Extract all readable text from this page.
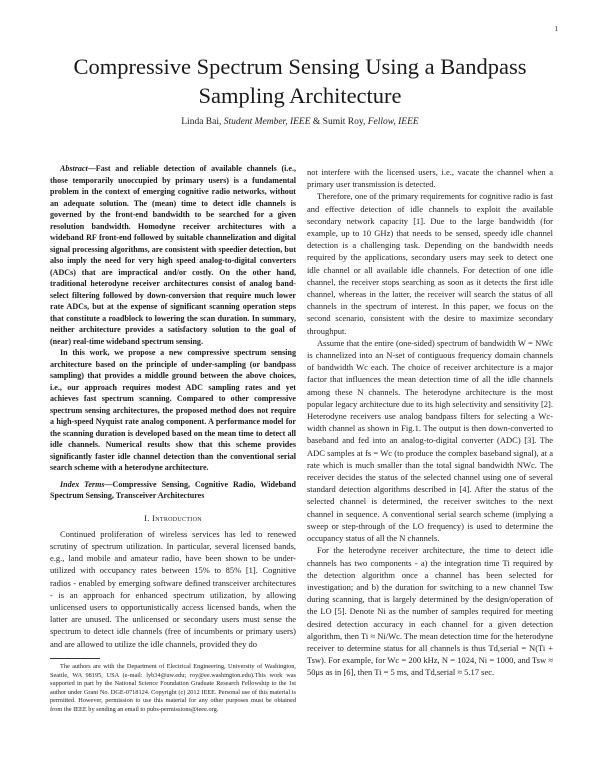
1
Compressive Spectrum Sensing Using a Bandpass Sampling Architecture
Linda Bai, Student Member, IEEE & Sumit Roy, Fellow, IEEE

Abstract—Fast and reliable detection of available channels (i.e., those temporarily unoccupied by primary users) is a fundamental problem in the context of emerging cognitive radio networks, without an adequate solution. The (mean) time to detect idle channels is governed by the front-end bandwidth to be searched for a given resolution bandwidth. Homodyne receiver architectures with a wideband RF front-end followed by suitable channelization and digital signal processing algorithms, are consistent with speedier detection, but also imply the need for very high speed analog-to-digital converters (ADCs) that are impractical and/or costly. On the other hand, traditional heterodyne receiver architectures consist of analog band-select filtering followed by down-conversion that require much lower rate ADCs, but at the expense of significant scanning operation steps that constitute a roadblock to lowering the scan duration. In summary, neither architecture provides a satisfactory solution to the goal of (near) real-time wideband spectrum sensing.

In this work, we propose a new compressive spectrum sensing architecture based on the principle of under-sampling (or bandpass sampling) that provides a middle ground between the above choices, i.e., our approach requires modest ADC sampling rates and yet achieves fast spectrum scanning. Compared to other compressive spectrum sensing architectures, the proposed method does not require a high-speed Nyquist rate analog component. A performance model for the scanning duration is developed based on the mean time to detect all idle channels. Numerical results show that this scheme provides significantly faster idle channel detection than the conventional serial search scheme with a heterodyne architecture.

Index Terms—Compressive Sensing, Cognitive Radio, Wideband Spectrum Sensing, Transceiver Architectures

I. Introduction

Continued proliferation of wireless services has led to renewed scrutiny of spectrum utilization. In particular, several licensed bands, e.g., land mobile and amateur radio, have been shown to be under-utilized with occupancy rates between 15% to 85% [1]. Cognitive radios - enabled by emerging software defined transceiver architectures - is an approach for enhanced spectrum utilization, by allowing unlicensed users to opportunistically access licensed bands, when the latter are unused. The unlicensed or secondary users must sense the spectrum to detect idle channels (free of incumbents or primary users) and are allowed to utilize the idle channels, provided they do

The authors are with the Department of Electrical Engineering, University of Washington, Seattle, WA 98195, USA (e-mail: lyb34@uw.edu; roy@ee.washington.edu).This work was supported in part by the National Science Foundation Graduate Research Fellowship to the 1st author under Grant No. DGE-0718124. Copyright (c) 2012 IEEE. Personal use of this material is permitted. However, permission to use this material for any other purposes must be obtained from the IEEE by sending an email to pubs-permissions@ieee.org.

not interfere with the licensed users, i.e., vacate the channel when a primary user transmission is detected.

Therefore, one of the primary requirements for cognitive radio is fast and effective detection of idle channels to exploit the available secondary network capacity [1]. Due to the large bandwidth (for example, up to 10 GHz) that needs to be sensed, speedy idle channel detection is a challenging task. Depending on the bandwidth needs required by the applications, secondary users may seek to detect one idle channel or all available idle channels. For detection of one idle channel, the receiver stops searching as soon as it detects the first idle channel, whereas in the latter, the receiver will search the status of all channels in the spectrum of interest. In this paper, we focus on the second scenario, consistent with the desire to maximize secondary throughput.

Assume that the entire (one-sided) spectrum of bandwidth W = NWc is channelized into an N-set of contiguous frequency domain channels of bandwidth Wc each. The choice of receiver architecture is a major factor that influences the mean detection time of all the idle channels among these N channels. The heterodyne architecture is the most popular legacy architecture due to its high selectivity and sensitivity [2]. Heterodyne receivers use analog bandpass filters for selecting a Wc-width channel as shown in Fig.1. The output is then down-converted to baseband and fed into an analog-to-digital converter (ADC) [3]. The ADC samples at fs = Wc (to produce the complex baseband signal), at a rate which is much smaller than the total signal bandwidth NWc. The receiver decides the status of the selected channel using one of several standard detection algorithms described in [4]. After the status of the selected channel is determined, the receiver switches to the next channel in sequence. A conventional serial search scheme (implying a sweep or step-through of the LO frequency) is used to determine the occupancy status of all the N channels.

For the heterodyne receiver architecture, the time to detect idle channels has two components - a) the integration time Ti required by the detection algorithm once a channel has been selected for investigation; and b) the duration for switching to a new channel Tsw during scanning, that is largely determined by the design/operation of the LO [5]. Denote Ni as the number of samples required for meeting desired detection accuracy in each channel for a given detection algorithm, then Ti ≈ Ni/Wc. The mean detection time for the heterodyne receiver to determine status for all channels is thus Td,serial = N(Ti + Tsw). For example, for Wc = 200 kHz, N = 1024, Ni = 1000, and Tsw ≈ 50μs as in [6], then Ti = 5 ms, and Td,serial ≈ 5.17 sec.
